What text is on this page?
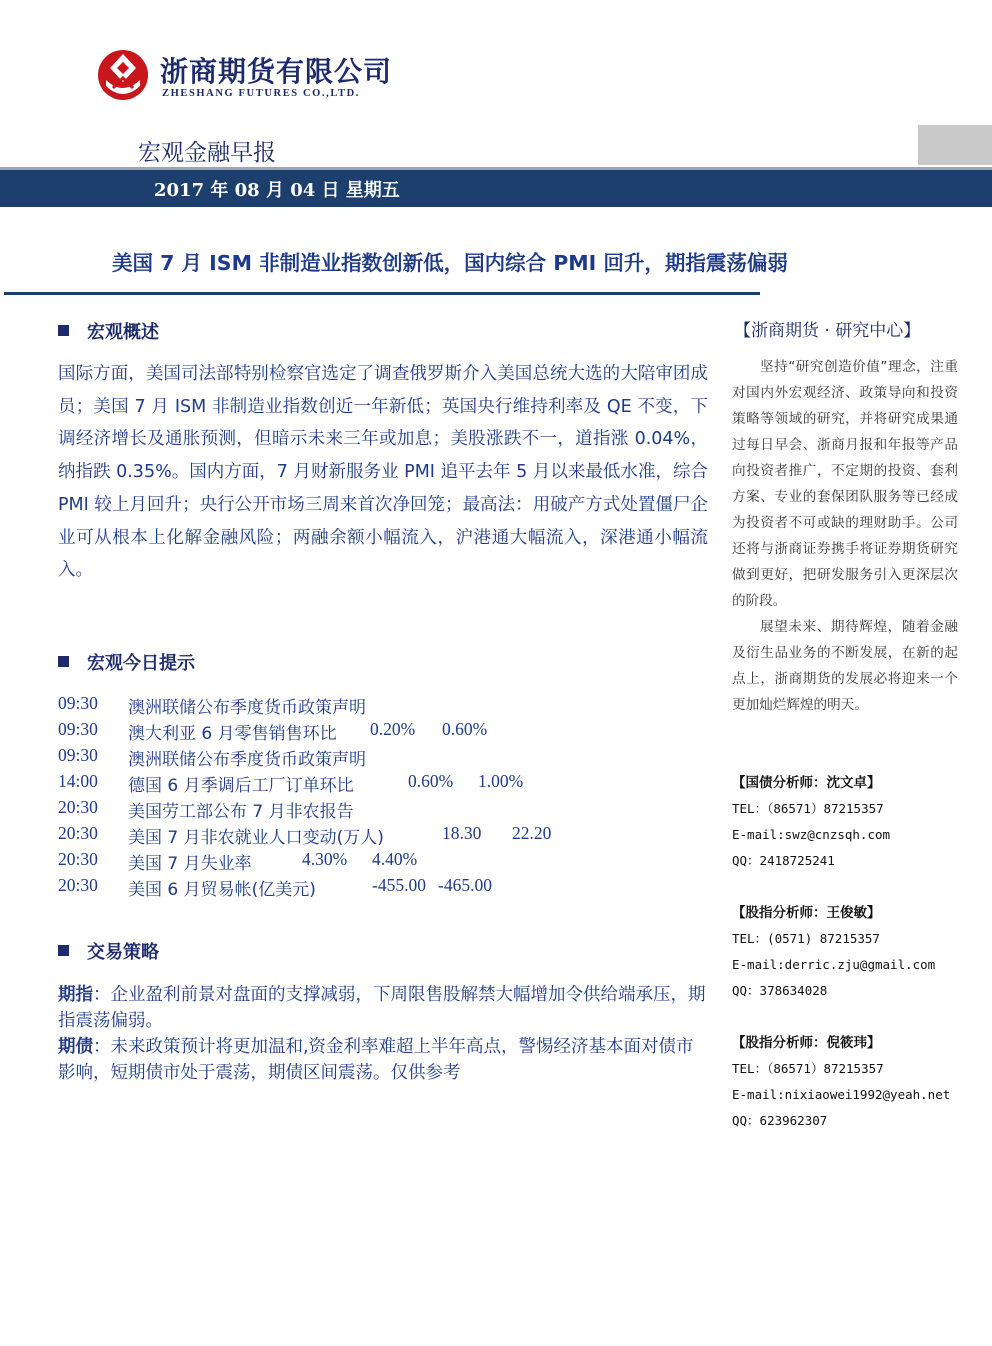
浙商期货有限公司
ZHESHANG FUTURES CO.,LTD.
宏观金融早报
2017 年 08 月 04 日 星期五
美国 7 月 ISM 非制造业指数创新低，国内综合 PMI 回升，期指震荡偏弱
宏观概述
国际方面，美国司法部特别检察官选定了调查俄罗斯介入美国总统大选的大陪审团成员；美国 7 月 ISM 非制造业指数创近一年新低；英国央行维持利率及 QE 不变，下调经济增长及通胀预测，但暗示未来三年或加息；美股涨跌不一，道指涨 0.04%，纳指跌 0.35%。国内方面，7 月财新服务业 PMI 追平去年 5 月以来最低水准，综合 PMI 较上月回升；央行公开市场三周来首次净回笼；最高法：用破产方式处置僵尸企业可从根本上化解金融风险；两融余额小幅流入，沪港通大幅流入，深港通小幅流入。
宏观今日提示
09:30 澳洲联储公布季度货币政策声明
09:30 澳大利亚 6 月零售销售环比 0.20% 0.60%
09:30 澳洲联储公布季度货币政策声明
14:00 德国 6 月季调后工厂订单环比	0.60% 1.00%
20:30 美国劳工部公布 7 月非农报告
20:30 美国 7 月非农就业人口变动(万人)	18.30 22.20
20:30 美国 7 月失业率	4.30% 4.40%
20:30 美国 6 月贸易帐(亿美元)	-455.00 -465.00
交易策略
期指：企业盈利前景对盘面的支撑减弱，下周限售股解禁大幅增加令供给端承压，期指震荡偏弱。
期债：未来政策预计将更加温和,资金利率难超上半年高点，警惕经济基本面对债市影响，短期债市处于震荡，期债区间震荡。仅供参考
【浙商期货 · 研究中心】
坚持“研究创造价值”理念，注重对国内外宏观经济、政策导向和投资策略等领域的研究，并将研究成果通过每日早会、浙商月报和年报等产品向投资者推广，不定期的投资、套利方案、专业的套保团队服务等已经成为投资者不可或缺的理财助手。公司还将与浙商证券携手将证券期货研究做到更好，把研发服务引入更深层次的阶段。
展望未来、期待辉煌，随着金融及衍生品业务的不断发展，在新的起点上，浙商期货的发展必将迎来一个更加灿烂辉煌的明天。
【国债分析师：沈文卓】
TEL：（86571）87215357
E-mail:swz@cnzsqh.com
QQ：2418725241
【股指分析师：王俊敏】
TEL：(0571) 87215357
E-mail:derric.zju@gmail.com
QQ：378634028
【股指分析师：倪筱玮】
TEL：（86571）87215357
E-mail:nixiaowei1992@yeah.net
QQ：623962307
